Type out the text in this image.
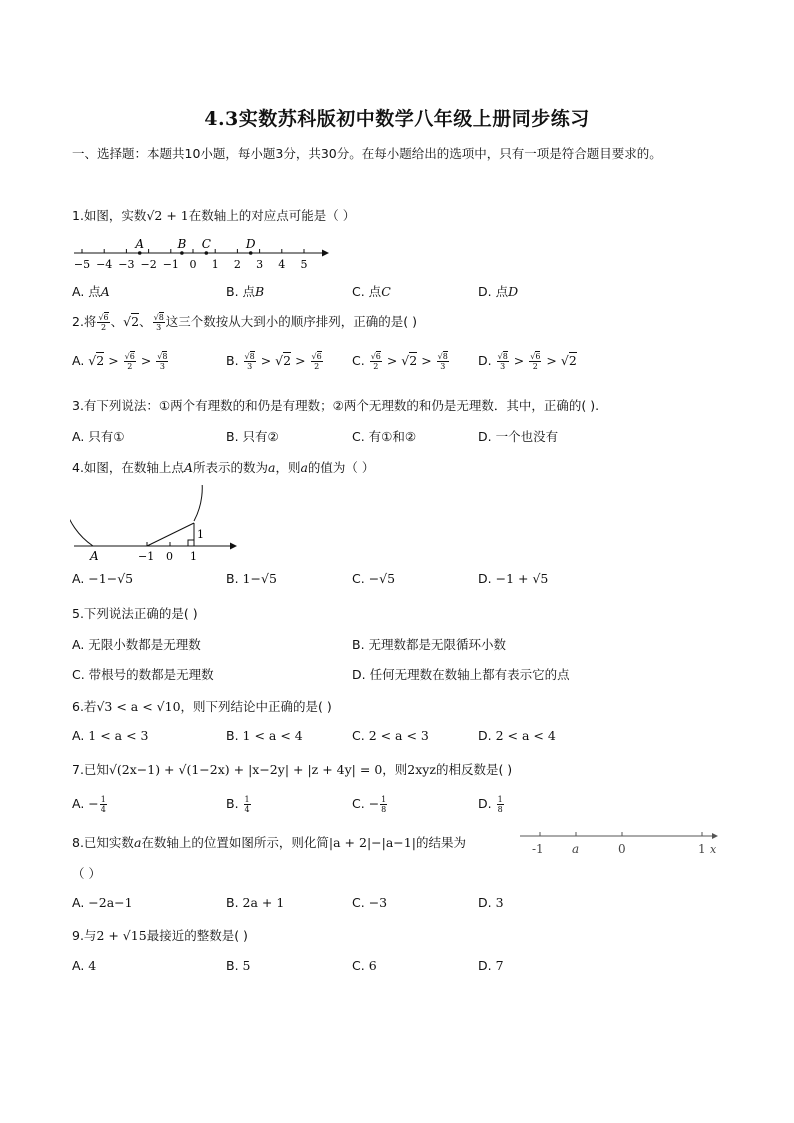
4.3实数苏科版初中数学八年级上册同步练习
一、选择题：本题共10小题，每小题3分，共30分。在每小题给出的选项中，只有一项是符合题目要求的。
1.如图，实数√2 + 1在数轴上的对应点可能是（ ）
−5 −4 −3 −2 −1 0 1 2 3 4 5
A	B C	D
A. 点A	B. 点B	C. 点C	D. 点D
2.将 $\frac{√6}{2}$ 、√2、 $\frac{√8}{3}$ 这三个数按从大到小的顺序排列，正确的是( )
A. $√2 > \frac{√6}{2} > \frac{√8}{3}$	B. $\frac{√8}{3} > √2 > \frac{√6}{2} C$. $\frac{√6}{2} > √2 > \frac{√8}{3} D$. $\frac{√8}{3} > \frac{√6}{2} > √2$
3.有下列说法：①两个有理数的和仍是有理数；②两个无理数的和仍是无理数．其中，正确的( ).
A. 只有①	B. 只有②	C. 有①和②	D. 一个也没有
4.如图，在数轴上点A所表示的数为a，则a的值为（ ）
A	−1 0 1
1
A. −1−√5	B. 1−√5	C. −√5	D. −1 + √5
5.下列说法正确的是( )
A. 无限小数都是无理数	B. 无理数都是无限循环小数
C. 带根号的数都是无理数	D. 任何无理数在数轴上都有表示它的点
6.若√3 < a < √10，则下列结论中正确的是( )
A. 1 < a < 3	B. 1 < a < 4	C. 2 < a < 3	D. 2 < a < 4
7.已知√(2x−1) + √(1−2x) + |x−2y| + |z + 4y| = 0，则2xyz的相反数是( )
A. − $\frac{1}{4}$	B. $\frac{1}{4}$	C. − $\frac{1}{8}$	D. $\frac{1}{8}$
8.已知实数a在数轴上的位置如图所示，则化简|a + 2|−|a−1|的结果为
（ ）
-1 a	0	1 x
A. −2a−1	B. 2a + 1	C. −3	D. 3
9.与2 + √15最接近的整数是( )
A. 4	B. 5	C. 6	D. 7
